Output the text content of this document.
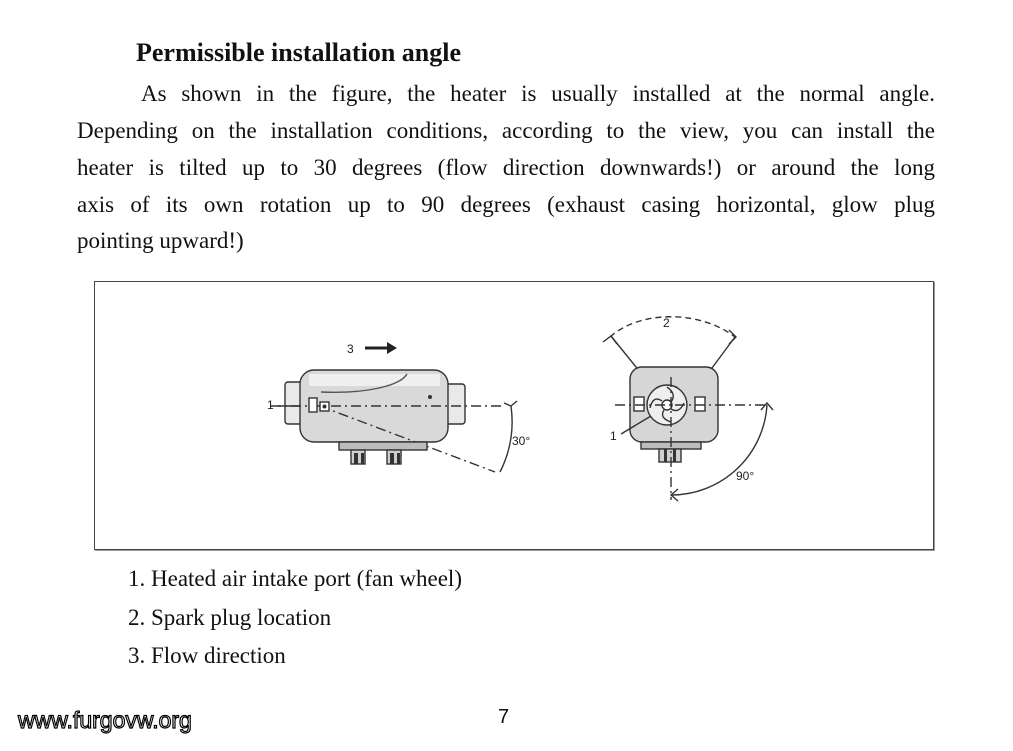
Permissible installation angle
As shown in the figure, the heater is usually installed at the normal angle.
Depending on the installation conditions, according to the view, you can install the
heater is tilted up to 30 degrees (flow direction downwards!) or around the long
axis of its own rotation up to 90 degrees (exhaust casing horizontal, glow plug
pointing upward!)
3
1
30°
2
1
90°
1. Heated air intake port (fan wheel)
2. Spark plug location
3. Flow direction
www.furgovw.org	7
